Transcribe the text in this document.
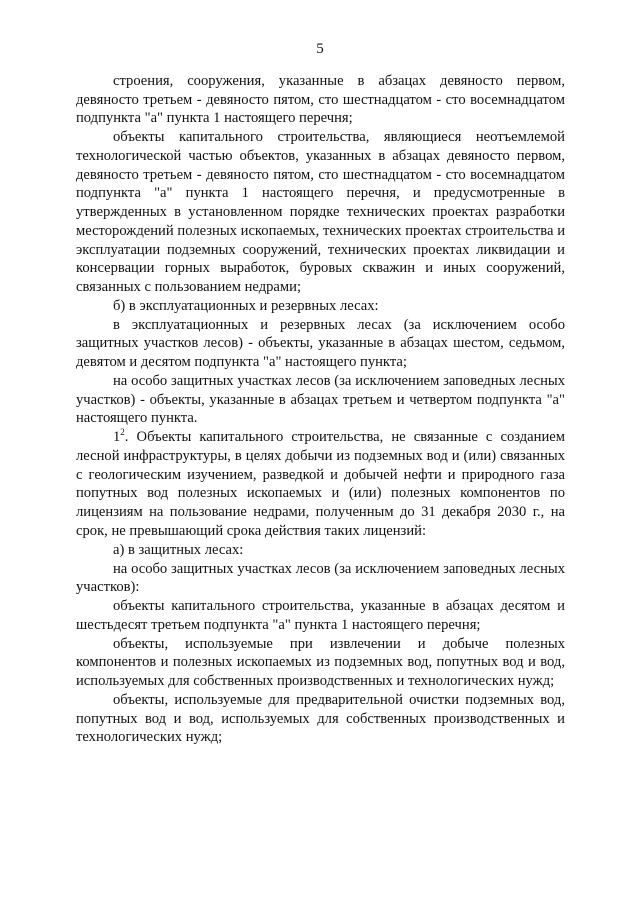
5

строения, сооружения, указанные в абзацах девяносто первом, девяносто третьем - девяносто пятом, сто шестнадцатом - сто восемнадцатом подпункта "а" пункта 1 настоящего перечня;

объекты капитального строительства, являющиеся неотъемлемой технологической частью объектов, указанных в абзацах девяносто первом, девяносто третьем - девяносто пятом, сто шестнадцатом - сто восемнадцатом подпункта "а" пункта 1 настоящего перечня, и предусмотренные в утвержденных в установленном порядке технических проектах разработки месторождений полезных ископаемых, технических проектах строительства и эксплуатации подземных сооружений, технических проектах ликвидации и консервации горных выработок, буровых скважин и иных сооружений, связанных с пользованием недрами;

б) в эксплуатационных и резервных лесах:

в эксплуатационных и резервных лесах (за исключением особо защитных участков лесов) - объекты, указанные в абзацах шестом, седьмом, девятом и десятом подпункта "а" настоящего пункта;

на особо защитных участках лесов (за исключением заповедных лесных участков) - объекты, указанные в абзацах третьем и четвертом подпункта "а" настоящего пункта.

$1^2$. Объекты капитального строительства, не связанные с созданием лесной инфраструктуры, в целях добычи из подземных вод и (или) связанных с геологическим изучением, разведкой и добычей нефти и природного газа попутных вод полезных ископаемых и (или) полезных компонентов по лицензиям на пользование недрами, полученным до 31 декабря 2030 г., на срок, не превышающий срока действия таких лицензий:

а) в защитных лесах:

на особо защитных участках лесов (за исключением заповедных лесных участков):

объекты капитального строительства, указанные в абзацах десятом и шестьдесят третьем подпункта "а" пункта 1 настоящего перечня;

объекты, используемые при извлечении и добыче полезных компонентов и полезных ископаемых из подземных вод, попутных вод и вод, используемых для собственных производственных и технологических нужд;

объекты, используемые для предварительной очистки подземных вод, попутных вод и вод, используемых для собственных производственных и технологических нужд;
